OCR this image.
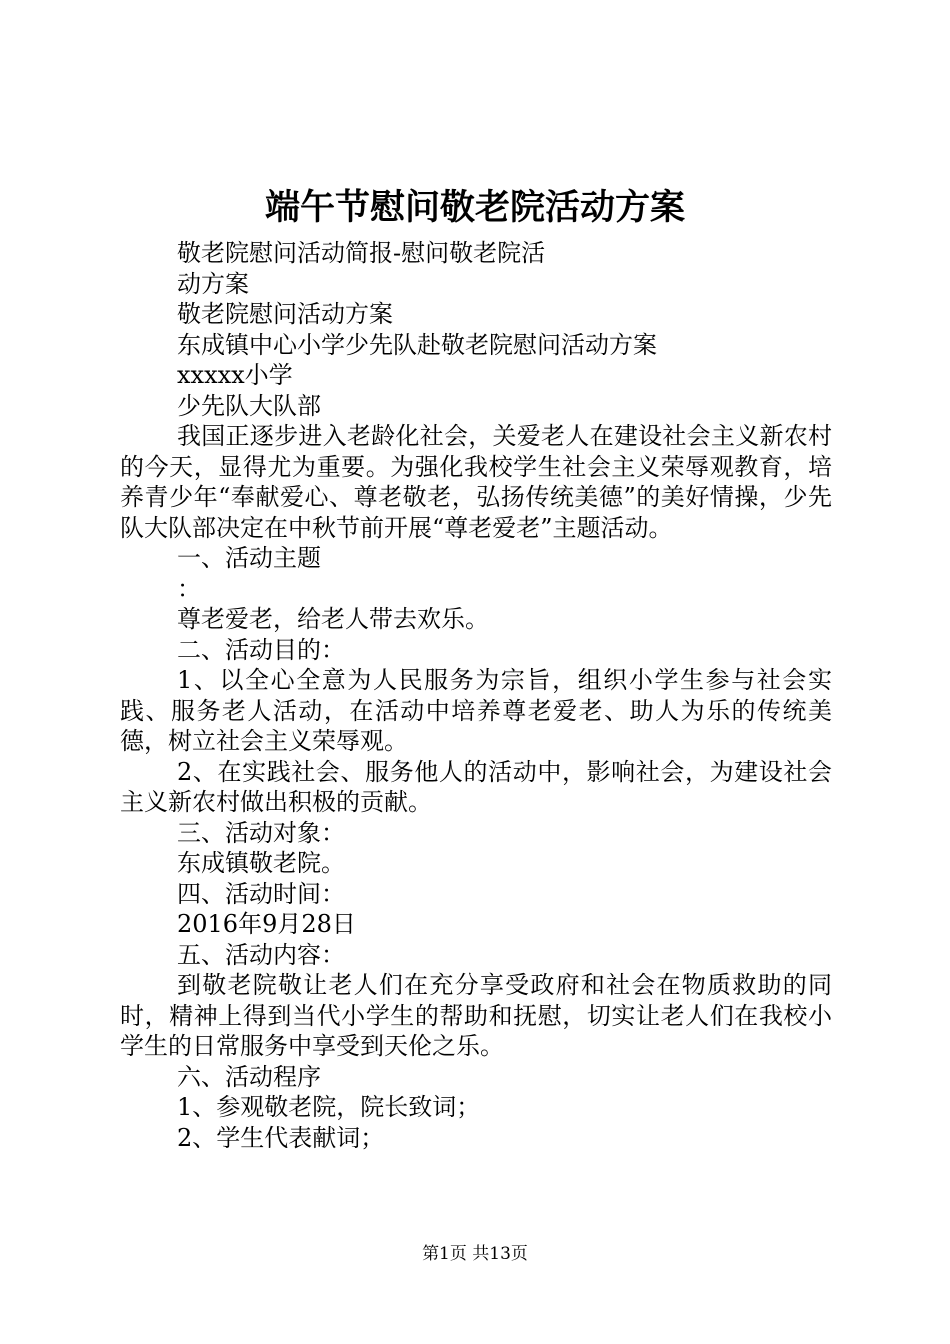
端午节慰问敬老院活动方案

敬老院慰问活动简报-慰问敬老院活

动方案

敬老院慰问活动方案

东成镇中心小学少先队赴敬老院慰问活动方案

xxxxx小学

少先队大队部

我国正逐步进入老龄化社会，关爱老人在建设社会主义新农村的今天，显得尤为重要。为强化我校学生社会主义荣辱观教育，培养青少年“奉献爱心、尊老敬老，弘扬传统美德”的美好情操，少先队大队部决定在中秋节前开展“尊老爱老”主题活动。

一、活动主题

：

尊老爱老，给老人带去欢乐。

二、活动目的：

1、以全心全意为人民服务为宗旨，组织小学生参与社会实践、服务老人活动，在活动中培养尊老爱老、助人为乐的传统美德，树立社会主义荣辱观。

2、在实践社会、服务他人的活动中，影响社会，为建设社会主义新农村做出积极的贡献。

三、活动对象：

东成镇敬老院。

四、活动时间：

2016年9月28日

五、活动内容：

到敬老院敬让老人们在充分享受政府和社会在物质救助的同时，精神上得到当代小学生的帮助和抚慰，切实让老人们在我校小学生的日常服务中享受到天伦之乐。

六、活动程序

1、参观敬老院，院长致词；

2、学生代表献词；

第1页 共13页
